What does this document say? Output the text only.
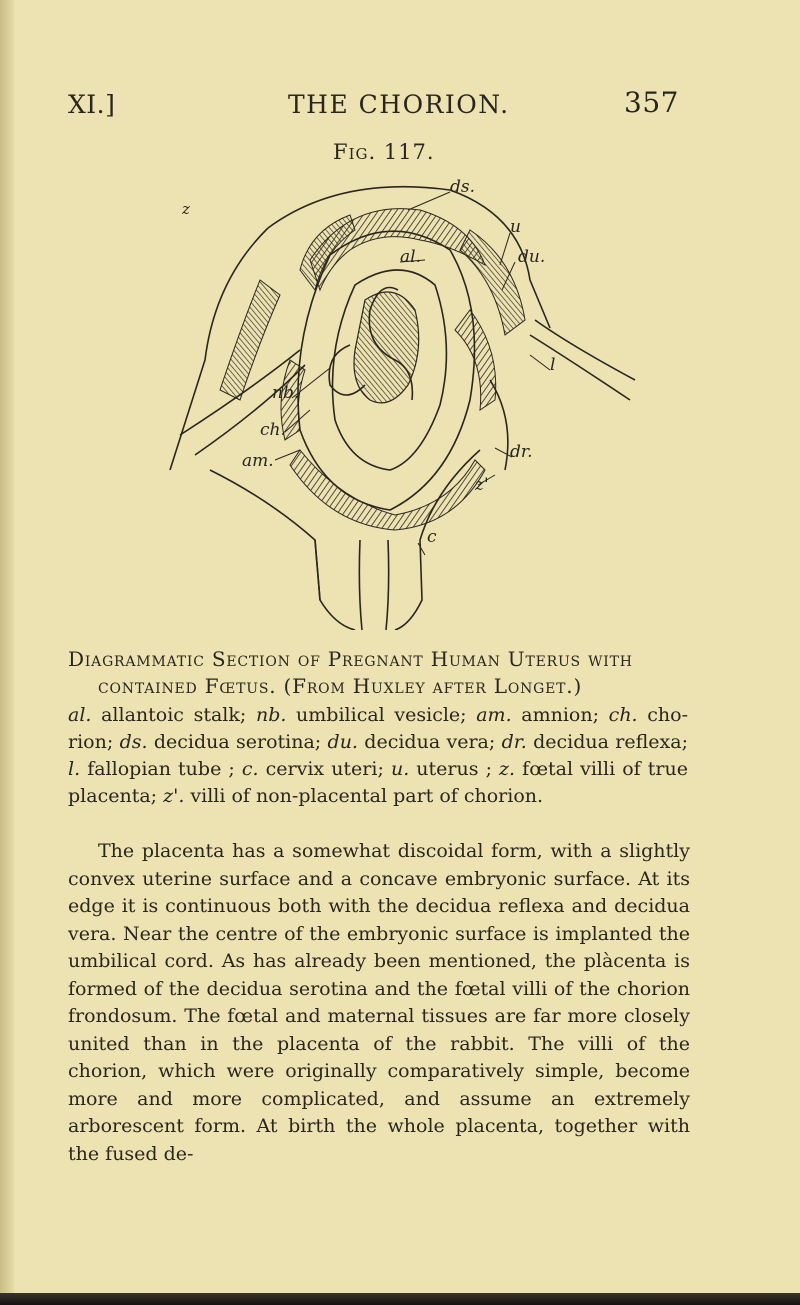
XI.]	THE CHORION.	357
Fig. 117.
ds.
u
du.
al.
l
nb.
ch.
am.	dr.
z
z'
c
Diagrammatic Section of Pregnant Human Uterus with
contained Fœtus. (From Huxley after Longet.)
al. allantoic stalk; nb. umbilical vesicle; am. amnion; ch. cho-rion; ds. decidua serotina; du. decidua vera; dr. decidua reflexa; l. fallopian tube ; c. cervix uteri; u. uterus ; z. fœtal villi of true placenta; z'. villi of non-placental part of chorion.

The placenta has a somewhat discoidal form, with a slightly convex uterine surface and a concave embryonic surface. At its edge it is continuous both with the decidua reflexa and decidua vera. Near the centre of the embryonic surface is implanted the umbilical cord. As has already been mentioned, the plàcenta is formed of the decidua serotina and the fœtal villi of the chorion frondosum. The fœtal and maternal tissues are far more closely united than in the placenta of the rabbit. The villi of the chorion, which were originally comparatively simple, become more and more complicated, and assume an extremely arborescent form. At birth the whole placenta, together with the fused de-
